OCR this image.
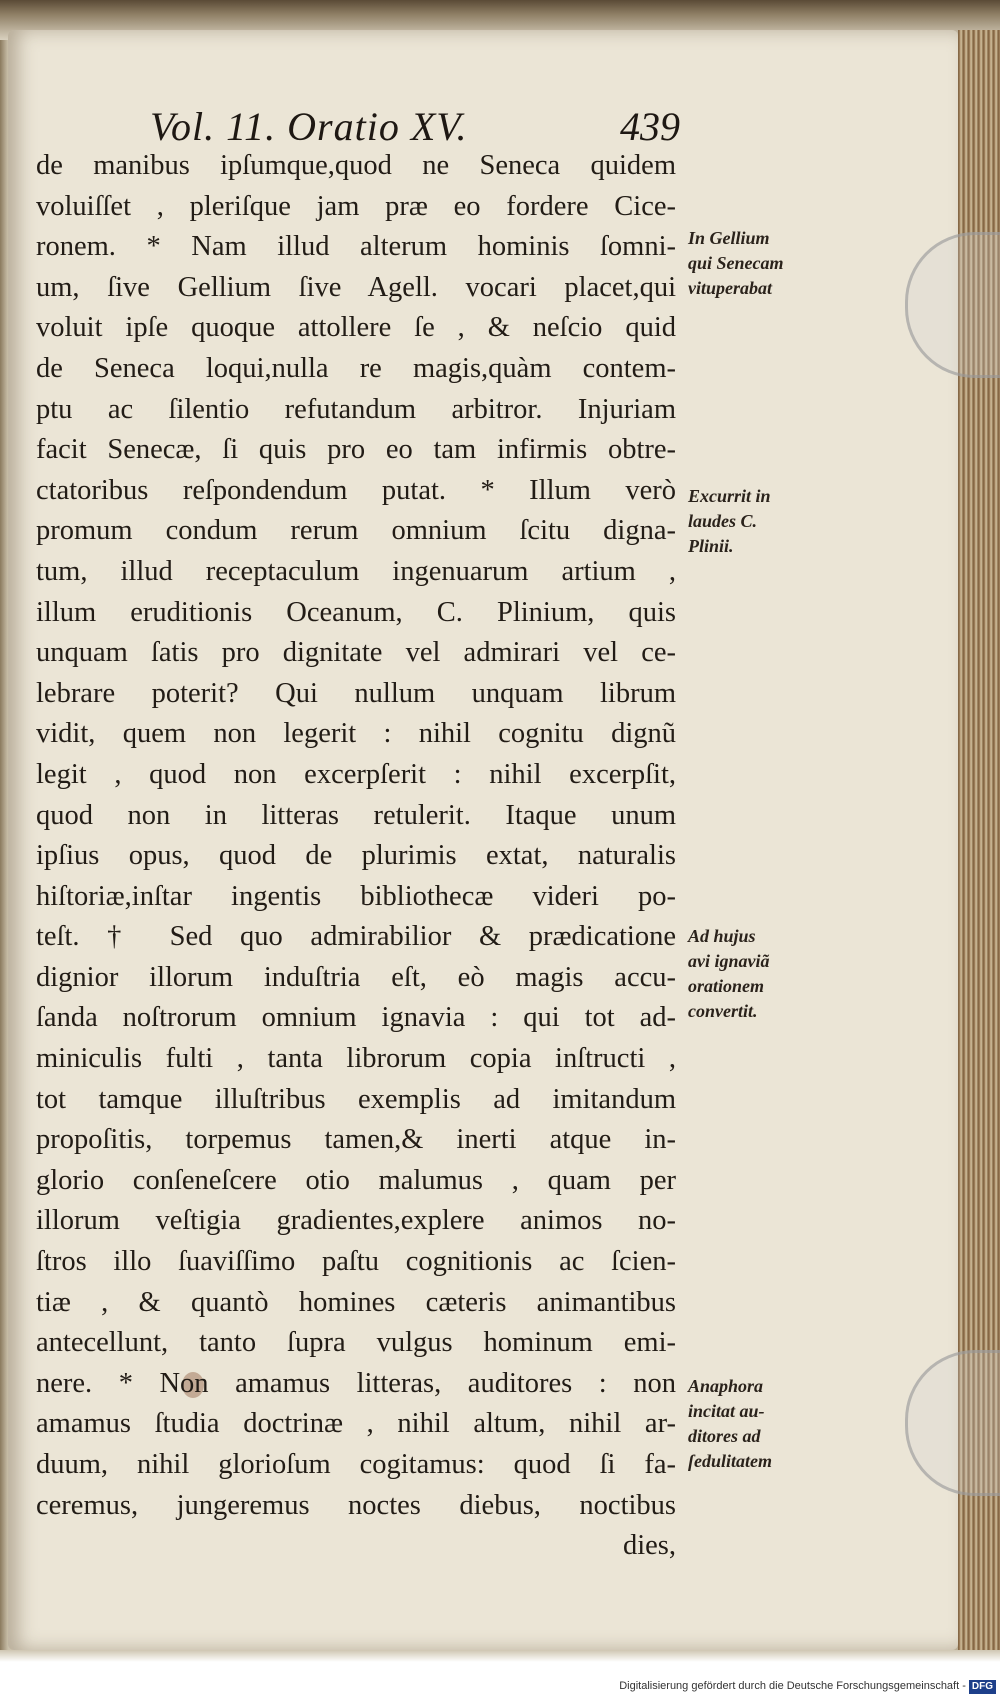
Vol. 11. Oratio XV.	439
de manibus ipſumque,quod ne Seneca quidem
voluiſſet , pleriſque jam præ eo fordere Cice-
ronem. * Nam illud alterum hominis ſomni-
um, ſive Gellium ſive Agell. vocari placet,qui
voluit ipſe quoque attollere ſe , & neſcio quid
de Seneca loqui,nulla re magis,quàm contem-
ptu ac ſilentio refutandum arbitror. Injuriam
facit Senecæ, ſi quis pro eo tam infirmis obtre-
ctatoribus reſpondendum putat. * Illum verò
promum condum rerum omnium ſcitu digna-
tum, illud receptaculum ingenuarum artium ,
illum eruditionis Oceanum, C. Plinium, quis
unquam ſatis pro dignitate vel admirari vel ce-
lebrare poterit? Qui nullum unquam librum
vidit, quem non legerit : nihil cognitu dignũ
legit , quod non excerpſerit : nihil excerpſit,
quod non in litteras retulerit. Itaque unum
ipſius opus, quod de plurimis extat, naturalis
hiſtoriæ,inſtar ingentis bibliothecæ videri po-
teſt. † Sed quo admirabilior & prædicatione
dignior illorum induſtria eſt, eò magis accu-
ſanda noſtrorum omnium ignavia : qui tot ad-
miniculis fulti , tanta librorum copia inſtructi ,
tot tamque illuſtribus exemplis ad imitandum
propoſitis, torpemus tamen,& inerti atque in-
glorio conſeneſcere otio malumus , quam per
illorum veſtigia gradientes,explere animos no-
ſtros illo ſuaviſſimo paſtu cognitionis ac ſcien-
tiæ , & quantò homines cæteris animantibus
antecellunt, tanto ſupra vulgus hominum emi-
nere. * Non amamus litteras, auditores : non
amamus ſtudia doctrinæ , nihil altum, nihil ar-
duum, nihil glorioſum cogitamus: quod ſi fa-
ceremus, jungeremus noctes diebus, noctibus
dies,
In Gellium
qui Senecam
vituperabat
Excurrit in
laudes C.
Plinii.
Ad hujus
avi ignaviã
orationem
convertit.
Anaphora
incitat au-
ditores ad
ſedulitatem
Digitalisierung gefördert durch die Deutsche Forschungsgemeinschaft - DFG
